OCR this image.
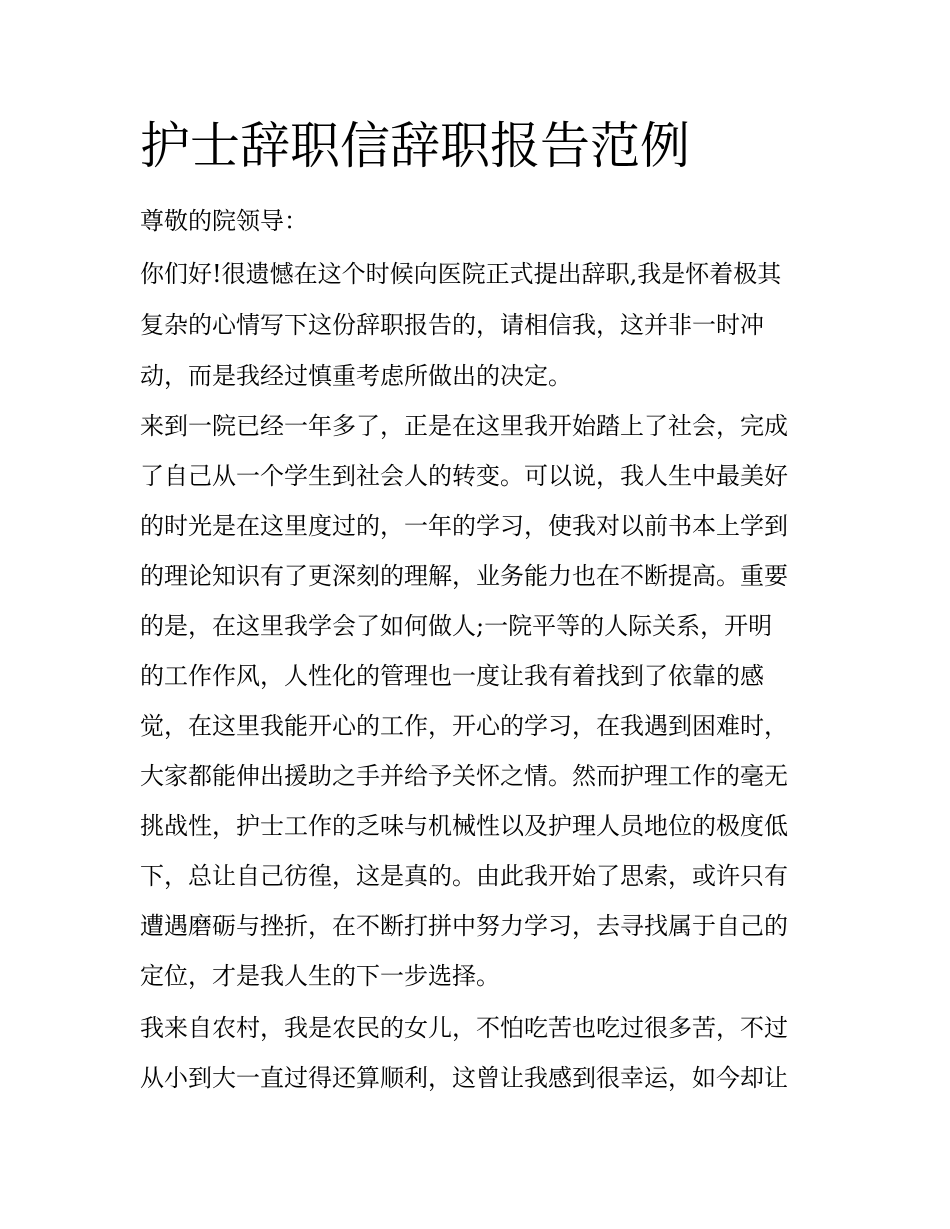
护士辞职信辞职报告范例

尊敬的院领导：

你们好!很遗憾在这个时候向医院正式提出辞职,我是怀着极其

复杂的心情写下这份辞职报告的，请相信我，这并非一时冲

动，而是我经过慎重考虑所做出的决定。

来到一院已经一年多了，正是在这里我开始踏上了社会，完成

了自己从一个学生到社会人的转变。可以说，我人生中最美好

的时光是在这里度过的，一年的学习，使我对以前书本上学到

的理论知识有了更深刻的理解，业务能力也在不断提高。重要

的是，在这里我学会了如何做人;一院平等的人际关系，开明

的工作作风，人性化的管理也一度让我有着找到了依靠的感

觉，在这里我能开心的工作，开心的学习，在我遇到困难时，

大家都能伸出援助之手并给予关怀之情。然而护理工作的毫无

挑战性，护士工作的乏味与机械性以及护理人员地位的极度低

下，总让自己彷徨，这是真的。由此我开始了思索，或许只有

遭遇磨砺与挫折，在不断打拼中努力学习，去寻找属于自己的

定位，才是我人生的下一步选择。

我来自农村，我是农民的女儿，不怕吃苦也吃过很多苦，不过

从小到大一直过得还算顺利，这曾让我感到很幸运，如今却让
